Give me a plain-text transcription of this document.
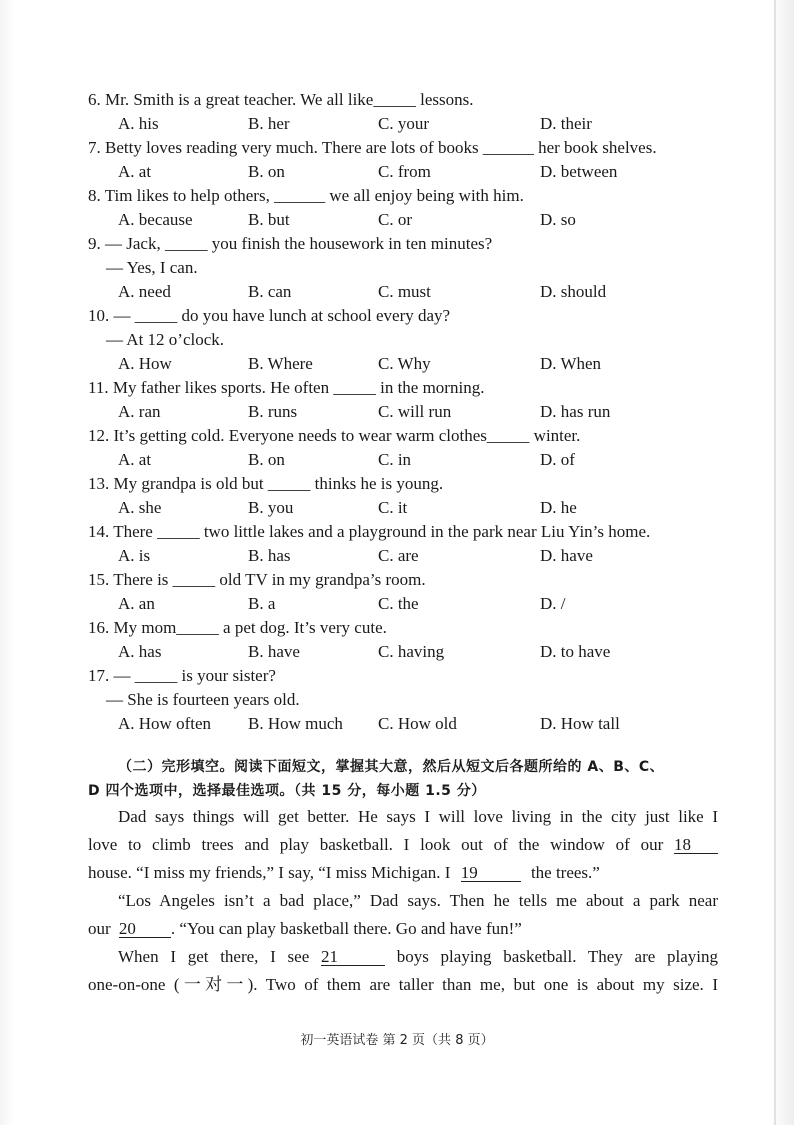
6. Mr. Smith is a great teacher. We all like_____ lessons.
A. his	B. her	C. your	D. their
7. Betty loves reading very much. There are lots of books ______ her book shelves.
A. at	B. on	C. from	D. between
8. Tim likes to help others, ______ we all enjoy being with him.
A. because	B. but	C. or	D. so
9. — Jack, _____ you finish the housework in ten minutes?
— Yes, I can.
A. need	B. can	C. must	D. should
10. — _____ do you have lunch at school every day?
— At 12 o’clock.
A. How	B. Where	C. Why	D. When
11. My father likes sports. He often _____ in the morning.
A. ran	B. runs	C. will run	D. has run
12. It’s getting cold. Everyone needs to wear warm clothes_____ winter.
A. at	B. on	C. in	D. of
13. My grandpa is old but _____ thinks he is young.
A. she	B. you	C. it	D. he
14. There _____ two little lakes and a playground in the park near Liu Yin’s home.
A. is	B. has	C. are	D. have
15. There is _____ old TV in my grandpa’s room.
A. an	B. a	C. the	D. /
16. My mom_____ a pet dog. It’s very cute.
A. has	B. have	C. having	D. to have
17. — _____ is your sister?
— She is fourteen years old.
A. How often B. How much C. How old	D. How tall
（二）完形填空。阅读下面短文，掌握其大意，然后从短文后各题所给的 A、B、C、
D 四个选项中，选择最佳选项。（共 15 分，每小题 1.5 分）
Dad says things will get better. He says I will love living in the city just like I
love to climb trees and play basketball. I look out of the window of our 18
house. “I miss my friends,” I say, “I miss Michigan. I 19	the trees.”
“Los Angeles isn’t a bad place,” Dad says. Then he tells me about a park near
our 20 . “You can play basketball there. Go and have fun!”
When I get there, I see 21	boys playing basketball. They are playing
one-on-one (一对一). Two of them are taller than me, but one is about my size. I
初一英语试卷 第 2 页（共 8 页）
